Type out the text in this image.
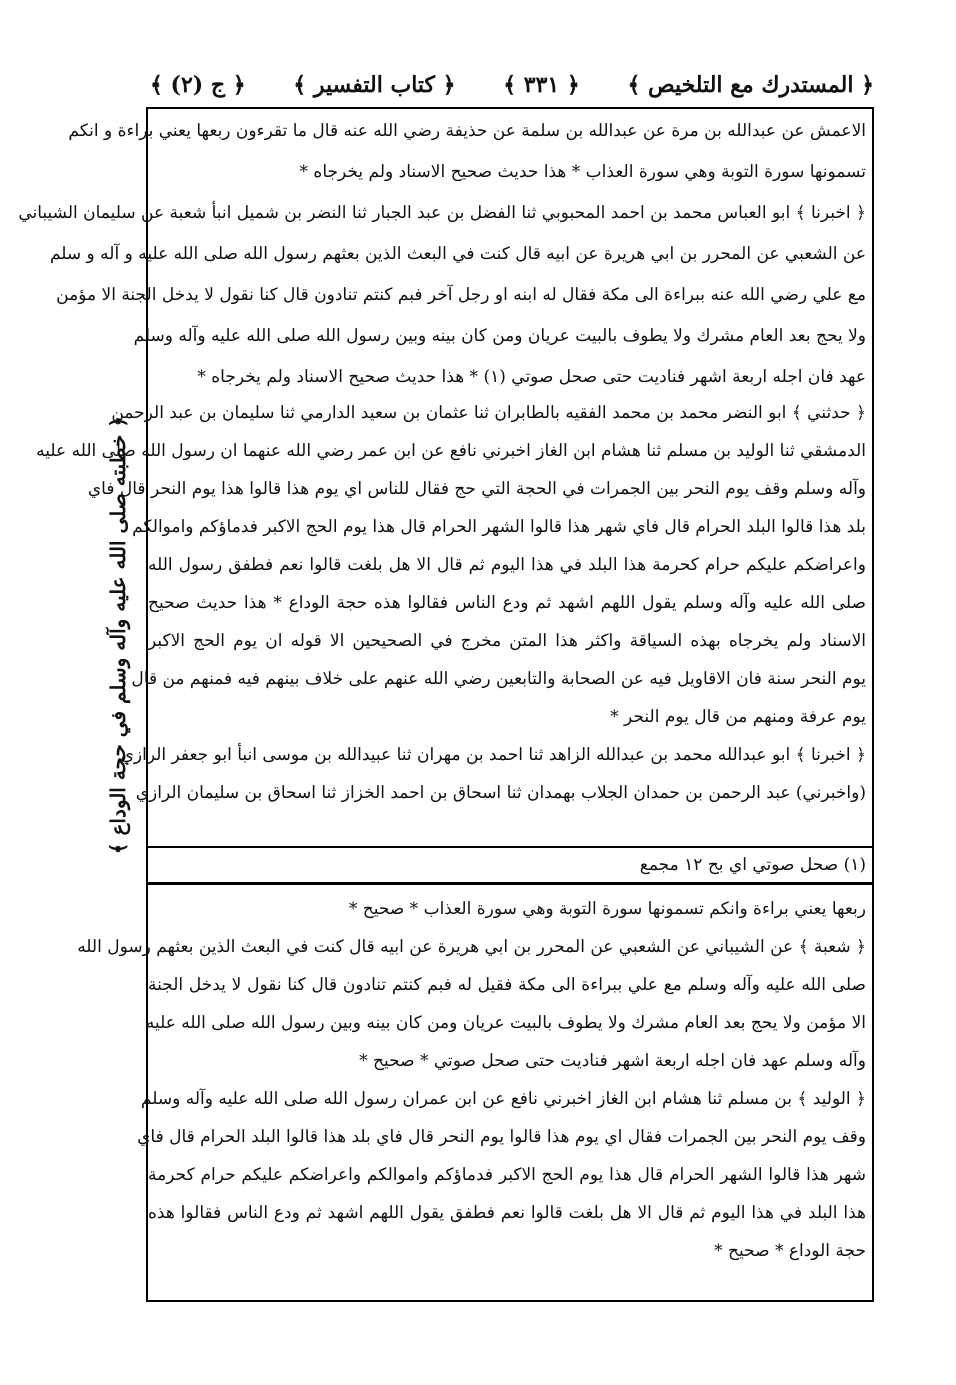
﴿ المستدرك مع التلخيص ﴾
﴿ ٣٣١ ﴾
﴿ كتاب التفسير ﴾
﴿ ج (٢) ﴾
﴿ خطبته صلى الله عليه وآله وسلم في حجة الوداع ﴾
الاعمش عن عبدالله بن مرة عن عبدالله بن سلمة عن حذيفة رضي الله عنه قال ما تقرءون ربعها يعني براءة و انكم
تسمونها سورة التوبة وهي سورة العذاب * هذا حديث صحيح الاسناد ولم يخرجاه *
﴿ اخبرنا ﴾ ابو العباس محمد بن احمد المحبوبي ثنا الفضل بن عبد الجبار ثنا النضر بن شميل انبأ شعبة عن سليمان الشيباني
عن الشعبي عن المحرر بن ابي هريرة عن ابيه قال كنت في البعث الذين بعثهم رسول الله صلى الله عليه و آله و سلم
مع علي رضي الله عنه ببراءة الى مكة فقال له ابنه او رجل آخر فبم كنتم تنادون قال كنا نقول لا يدخل الجنة الا مؤمن
ولا يحج بعد العام مشرك ولا يطوف بالبيت عريان ومن كان بينه وبين رسول الله صلى الله عليه وآله وسلم
عهد فان اجله اربعة اشهر فناديت حتى صحل صوتي (١) * هذا حديث صحيح الاسناد ولم يخرجاه *
﴿ حدثني ﴾ ابو النضر محمد بن محمد الفقيه بالطابران ثنا عثمان بن سعيد الدارمي ثنا سليمان بن عبد الرحمن
الدمشقي ثنا الوليد بن مسلم ثنا هشام ابن الغاز اخبرني نافع عن ابن عمر رضي الله عنهما ان رسول الله صلى الله عليه
وآله وسلم وقف يوم النحر بين الجمرات في الحجة التي حج فقال للناس اي يوم هذا قالوا هذا يوم النحر قال فاي
بلد هذا قالوا البلد الحرام قال فاي شهر هذا قالوا الشهر الحرام قال هذا يوم الحج الاكبر فدماؤكم واموالكم
واعراضكم عليكم حرام كحرمة هذا البلد في هذا اليوم ثم قال الا هل بلغت قالوا نعم فطفق رسول الله
صلى الله عليه وآله وسلم يقول اللهم اشهد ثم ودع الناس فقالوا هذه حجة الوداع * هذا حديث صحيح
الاسناد ولم يخرجاه بهذه السياقة واكثر هذا المتن مخرج في الصحيحين الا قوله ان يوم الحج الاكبر
يوم النحر سنة فان الاقاويل فيه عن الصحابة والتابعين رضي الله عنهم على خلاف بينهم فيه فمنهم من قال
يوم عرفة ومنهم من قال يوم النحر *
﴿ اخبرنا ﴾ ابو عبدالله محمد بن عبدالله الزاهد ثنا احمد بن مهران ثنا عبيدالله بن موسى انبأ ابو جعفر الرازي
(واخبرني) عبد الرحمن بن حمدان الجلاب بهمدان ثنا اسحاق بن احمد الخزاز ثنا اسحاق بن سليمان الرازي
(١) صحل صوتي اي بح ١٢ مجمع
ربعها يعني براءة وانكم تسمونها سورة التوبة وهي سورة العذاب * صحيح *
﴿ شعبة ﴾ عن الشيباني عن الشعبي عن المحرر بن ابي هريرة عن ابيه قال كنت في البعث الذين بعثهم رسول الله
صلى الله عليه وآله وسلم مع علي ببراءة الى مكة فقيل له فبم كنتم تنادون قال كنا نقول لا يدخل الجنة
الا مؤمن ولا يحج بعد العام مشرك ولا يطوف بالبيت عريان ومن كان بينه وبين رسول الله صلى الله عليه
وآله وسلم عهد فان اجله اربعة اشهر فناديت حتى صحل صوتي * صحيح *
﴿ الوليد ﴾ بن مسلم ثنا هشام ابن الغاز اخبرني نافع عن ابن عمران رسول الله صلى الله عليه وآله وسلم
وقف يوم النحر بين الجمرات فقال اي يوم هذا قالوا يوم النحر قال فاي بلد هذا قالوا البلد الحرام قال فاي
شهر هذا قالوا الشهر الحرام قال هذا يوم الحج الاكبر فدماؤكم واموالكم واعراضكم عليكم حرام كحرمة
هذا البلد في هذا اليوم ثم قال الا هل بلغت قالوا نعم فطفق يقول اللهم اشهد ثم ودع الناس فقالوا هذه
حجة الوداع * صحيح *
